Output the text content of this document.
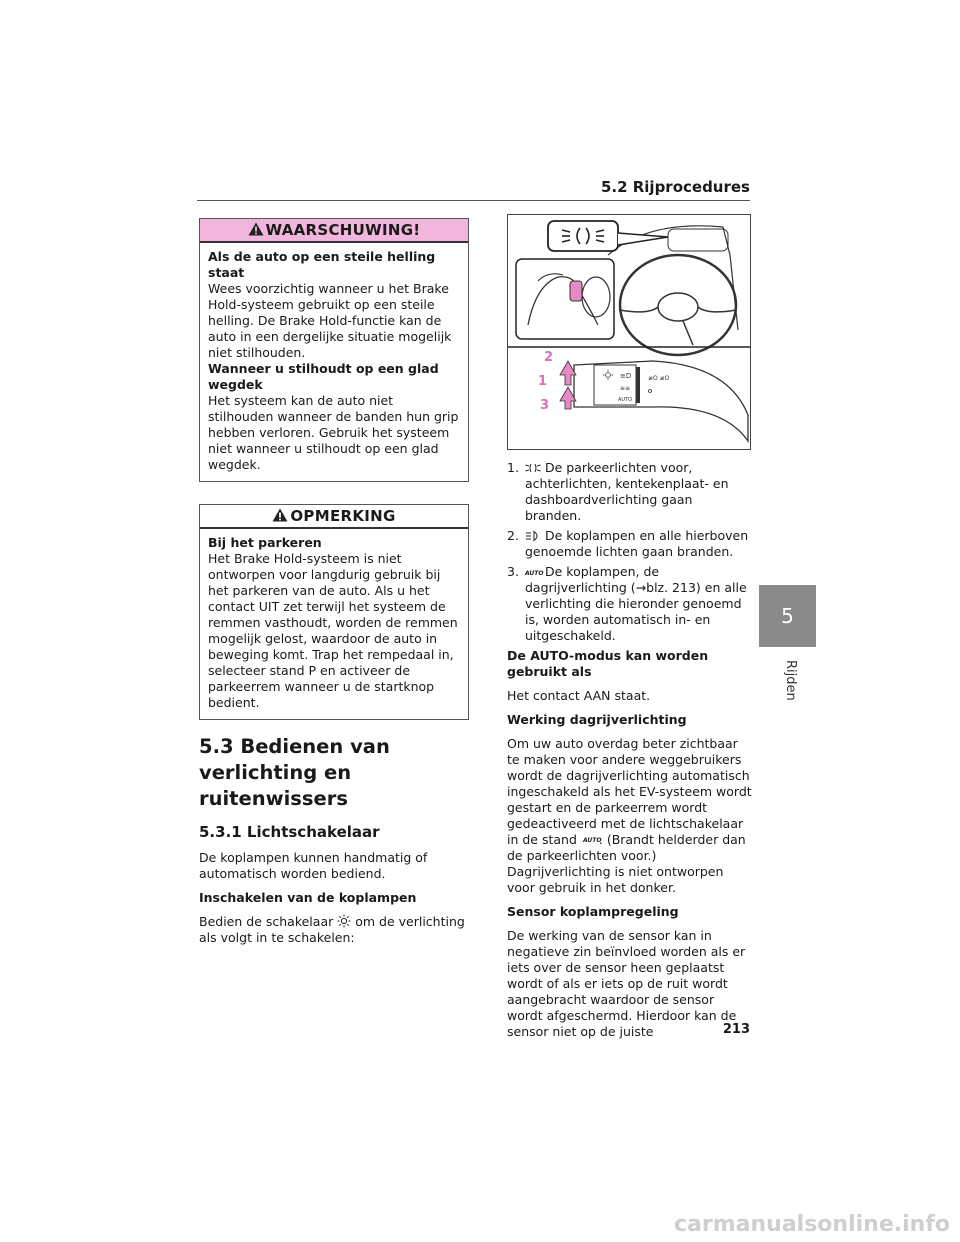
5.2 Rijprocedures
5
Rijden
WAARSCHUWING!

Als de auto op een steile helling staat

Wees voorzichtig wanneer u het Brake Hold-systeem gebruikt op een steile helling. De Brake Hold-functie kan de auto in een dergelijke situatie mogelijk niet stilhouden.

Wanneer u stilhoudt op een glad wegdek

Het systeem kan de auto niet stilhouden wanneer de banden hun grip hebben verloren. Gebruik het systeem niet wanneer u stilhoudt op een glad wegdek.

OPMERKING

Bij het parkeren

Het Brake Hold-systeem is niet ontworpen voor langdurig gebruik bij het parkeren van de auto. Als u het contact UIT zet terwijl het systeem de remmen vasthoudt, worden de remmen mogelijk gelost, waardoor de auto in beweging komt. Trap het rempedaal in, selecteer stand P en activeer de parkeerrem wanneer u de startknop bedient.

5.3 Bedienen van verlichting en ruitenwissers
5.3.1 Lichtschakelaar

De koplampen kunnen handmatig of automatisch worden bediend.

Inschakelen van de koplampen

Bedien de schakelaar om de verlichting als volgt in te schakelen:

≡D
≡≡
AUTO
≢O ≢O
2
1
3
1. De parkeerlichten voor, achterlichten, kentekenplaat- en dashboardverlichting gaan branden.
2. De koplampen en alle hierboven genoemde lichten gaan branden.
3. AUTO De koplampen, de dagrijverlichting (→blz. 213) en alle verlichting die hieronder genoemd is, worden automatisch in- en uitgeschakeld.

De AUTO-modus kan worden gebruikt als

Het contact AAN staat.

Werking dagrijverlichting

Om uw auto overdag beter zichtbaar te maken voor andere weggebruikers wordt de dagrijverlichting automatisch ingeschakeld als het EV-systeem wordt gestart en de parkeerrem wordt gedeactiveerd met de lichtschakelaar in de stand AUTO
. (Brandt helderder dan de parkeerlichten voor.) Dagrijverlichting is niet ontworpen voor gebruik in het donker.

Sensor koplampregeling

De werking van de sensor kan in negatieve zin beïnvloed worden als er iets over de sensor heen geplaatst wordt of als er iets op de ruit wordt aangebracht waardoor de sensor wordt afgeschermd. Hierdoor kan de sensor niet op de juiste	213
carmanualsonline.info
